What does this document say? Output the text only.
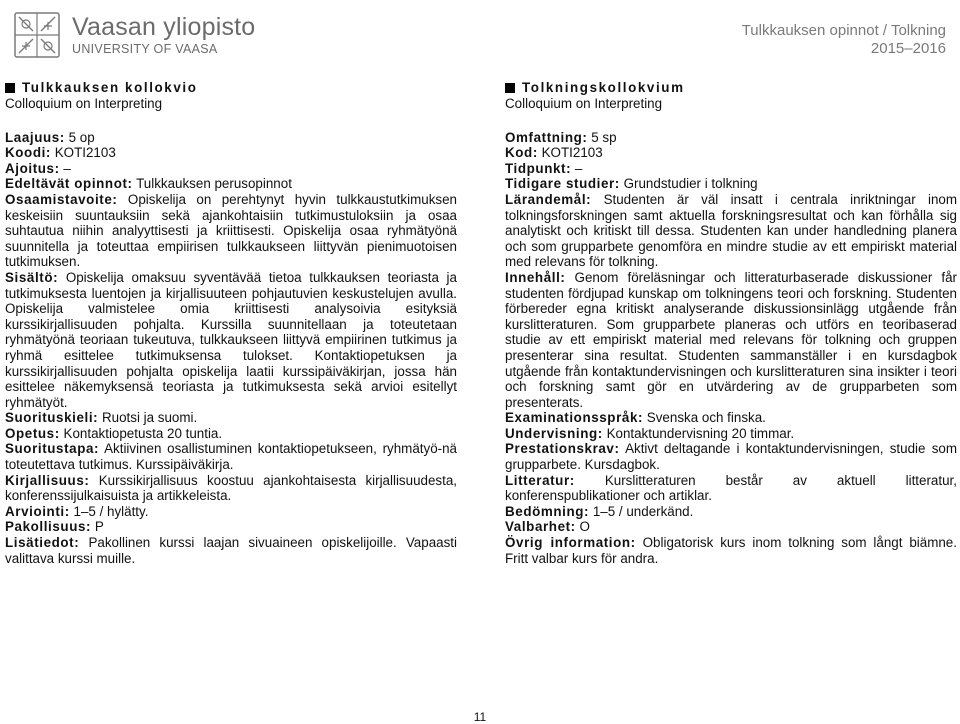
Vaasan yliopisto
UNIVERSITY OF VAASA
Tulkkauksen opinnot / Tolkning
2015–2016
Tulkkauksen kollokvio
Colloquium on Interpreting

Laajuus: 5 op

Koodi: KOTI2103

Ajoitus: –

Edeltävät opinnot: Tulkkauksen perusopinnot

Osaamistavoite: Opiskelija on perehtynyt hyvin tulkkaustutkimuksen keskeisiin suuntauksiin sekä ajankohtaisiin tutkimustuloksiin ja osaa suhtautua niihin analyyttisesti ja kriittisesti. Opiskelija osaa ryhmätyönä suunnitella ja toteuttaa empiirisen tulkkaukseen liittyvän pienimuotoisen tutkimuksen.

Sisältö: Opiskelija omaksuu syventävää tietoa tulkkauksen teoriasta ja tutkimuksesta luentojen ja kirjallisuuteen pohjautuvien keskustelujen avulla. Opiskelija valmistelee omia kriittisesti analysoivia esityksiä kurssikirjallisuuden pohjalta. Kurssilla suunnitellaan ja toteutetaan ryhmätyönä teoriaan tukeutuva, tulkkaukseen liittyvä empiirinen tutkimus ja ryhmä esittelee tutkimuksensa tulokset. Kontaktiopetuksen ja kurssikirjallisuuden pohjalta opiskelija laatii kurssipäiväkirjan, jossa hän esittelee näkemyksensä teoriasta ja tutkimuksesta sekä arvioi esitellyt ryhmätyöt.

Suorituskieli: Ruotsi ja suomi.

Opetus: Kontaktiopetusta 20 tuntia.

Suoritustapa: Aktiivinen osallistuminen kontaktiopetukseen, ryhmätyö-nä toteutettava tutkimus. Kurssipäiväkirja.

Kirjallisuus: Kurssikirjallisuus koostuu ajankohtaisesta kirjallisuudesta, konferenssijulkaisuista ja artikkeleista.

Arviointi: 1–5 / hylätty.

Pakollisuus: P

Lisätiedot: Pakollinen kurssi laajan sivuaineen opiskelijoille. Vapaasti valittava kurssi muille.

Tolkningskollokvium
Colloquium on Interpreting

Omfattning: 5 sp

Kod: KOTI2103

Tidpunkt: –

Tidigare studier: Grundstudier i tolkning

Lärandemål: Studenten är väl insatt i centrala inriktningar inom tolkningsforskningen samt aktuella forskningsresultat och kan förhålla sig analytiskt och kritiskt till dessa. Studenten kan under handledning planera och som grupparbete genomföra en mindre studie av ett empiriskt material med relevans för tolkning.

Innehåll: Genom föreläsningar och litteraturbaserade diskussioner får studenten fördjupad kunskap om tolkningens teori och forskning. Studenten förbereder egna kritiskt analyserande diskussionsinlägg utgående från kurslitteraturen. Som grupparbete planeras och utförs en teoribaserad studie av ett empiriskt material med relevans för tolkning och gruppen presenterar sina resultat. Studenten sammanställer i en kursdagbok utgående från kontaktundervisningen och kurslitteraturen sina insikter i teori och forskning samt gör en utvärdering av de grupparbeten som presenterats.

Examinationsspråk: Svenska och finska.

Undervisning: Kontaktundervisning 20 timmar.

Prestationskrav: Aktivt deltagande i kontaktundervisningen, studie som grupparbete. Kursdagbok.

Litteratur: Kurslitteraturen består av aktuell litteratur, konferenspublikationer och artiklar.

Bedömning: 1–5 / underkänd.

Valbarhet: O

Övrig information: Obligatorisk kurs inom tolkning som långt biämne. Fritt valbar kurs för andra.

11
